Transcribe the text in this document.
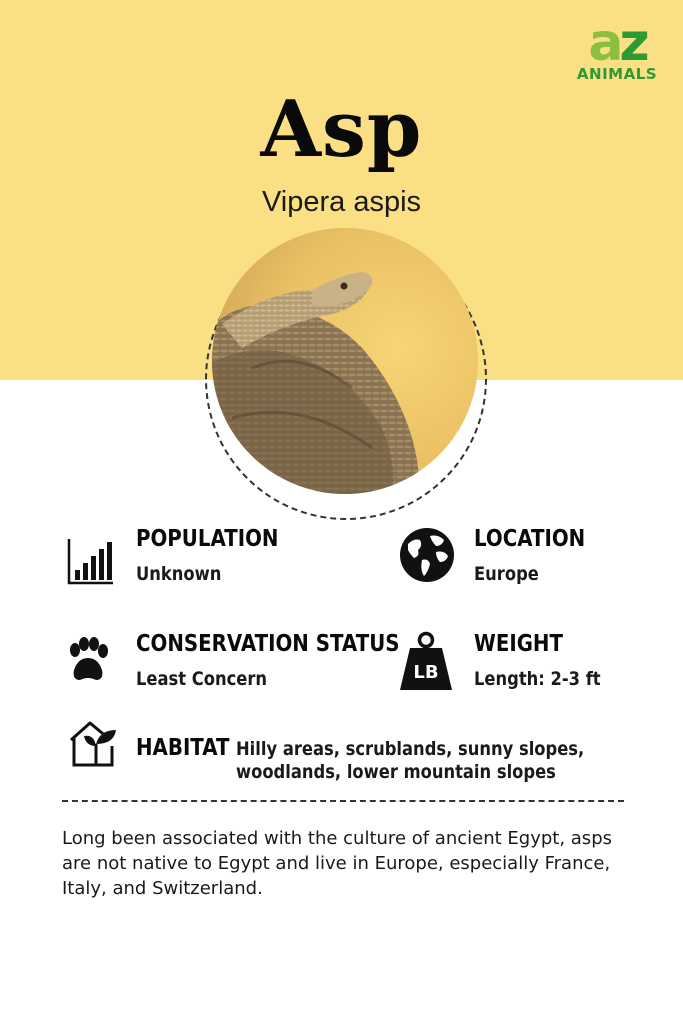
az
ANIMALS
Asp
Vipera aspis
POPULATION
Unknown
LOCATION
Europe
CONSERVATION STATUS
Least Concern	LB
WEIGHT
Length: 2-3 ft
HABITAT Hilly areas, scrublands, sunny slopes,
woodlands, lower mountain slopes
Long been associated with the culture of ancient Egypt, asps are not native to Egypt and live in Europe, especially France, Italy, and Switzerland.
